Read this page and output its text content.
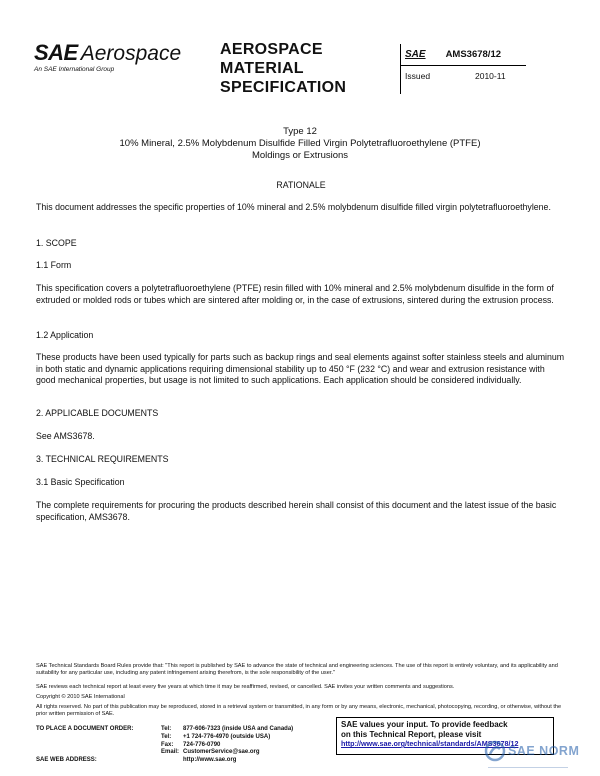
SAE Aerospace
An SAE International Group
AEROSPACE
MATERIAL
SPECIFICATION
SAE AMS3678/12
Issued	2010-11
Type 12
10% Mineral, 2.5% Molybdenum Disulfide Filled Virgin Polytetrafluoroethylene (PTFE)
Moldings or Extrusions
RATIONALE
This document addresses the specific properties of 10% mineral and 2.5% molybdenum disulfide filled virgin polytetrafluoroethylene.
1. SCOPE
1.1 Form
This specification covers a polytetrafluoroethylene (PTFE) resin filled with 10% mineral and 2.5% molybdenum disulfide in the form of extruded or molded rods or tubes which are sintered after molding or, in the case of extrusions, sintered during the extrusion process.
1.2 Application
These products have been used typically for parts such as backup rings and seal elements against softer stainless steels and aluminum in both static and dynamic applications requiring dimensional stability up to 450 °F (232 °C) and wear and extrusion resistance with good mechanical properties, but usage is not limited to such applications. Each application should be considered individually.
2. APPLICABLE DOCUMENTS
See AMS3678.
3. TECHNICAL REQUIREMENTS
3.1 Basic Specification
The complete requirements for procuring the products described herein shall consist of this document and the latest issue of the basic specification, AMS3678.
SAE Technical Standards Board Rules provide that: "This report is published by SAE to advance the state of technical and engineering sciences. The use of this report is entirely voluntary, and its applicability and suitability for any particular use, including any patent infringement arising therefrom, is the sole responsibility of the user."
SAE reviews each technical report at least every five years at which time it may be reaffirmed, revised, or cancelled. SAE invites your written comments and suggestions.
Copyright © 2010 SAE International
All rights reserved. No part of this publication may be reproduced, stored in a retrieval system or transmitted, in any form or by any means, electronic, mechanical, photocopying, recording, or otherwise, without the prior written permission of SAE.
TO PLACE A DOCUMENT ORDER:	Tel:	877-606-7323 (inside USA and Canada)
Tel:	+1 724-776-4970 (outside USA)
Fax:	724-776-0790
Email: CustomerService@sae.org
SAE WEB ADDRESS:	http://www.sae.org
SAE values your input. To provide feedback
on this Technical Report, please visit
http://www.sae.org/technical/standards/AMS3678/12
SAE NORM
